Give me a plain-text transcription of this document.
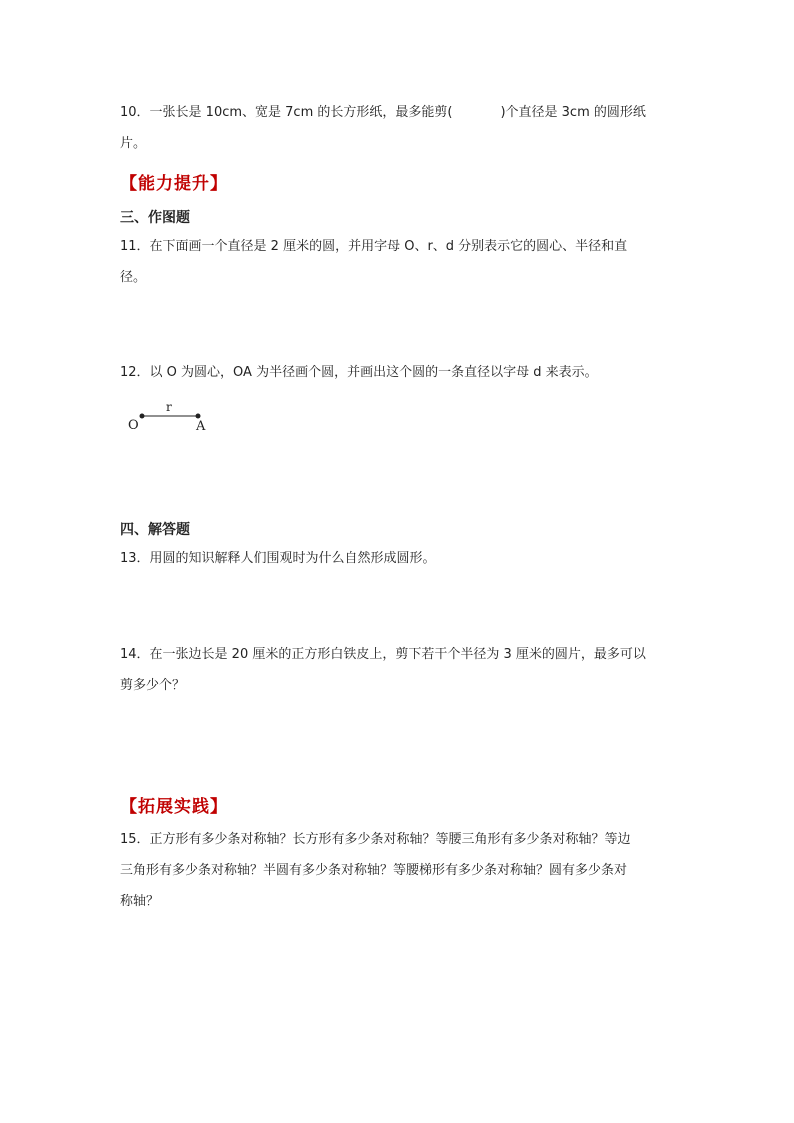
10．一张长是 10cm、宽是 7cm 的长方形纸，最多能剪(	)个直径是 3cm 的圆形纸
片。
【能力提升】
三、作图题
11．在下面画一个直径是 2 厘米的圆，并用字母 O、r、d 分别表示它的圆心、半径和直
径。
12．以 O 为圆心，OA 为半径画个圆，并画出这个圆的一条直径以字母 d 来表示。
r
O	A
四、解答题
13．用圆的知识解释人们围观时为什么自然形成圆形。
14．在一张边长是 20 厘米的正方形白铁皮上，剪下若干个半径为 3 厘米的圆片，最多可以
剪多少个？
【拓展实践】
15．正方形有多少条对称轴？长方形有多少条对称轴？等腰三角形有多少条对称轴？等边
三角形有多少条对称轴？半圆有多少条对称轴？等腰梯形有多少条对称轴？圆有多少条对
称轴？
